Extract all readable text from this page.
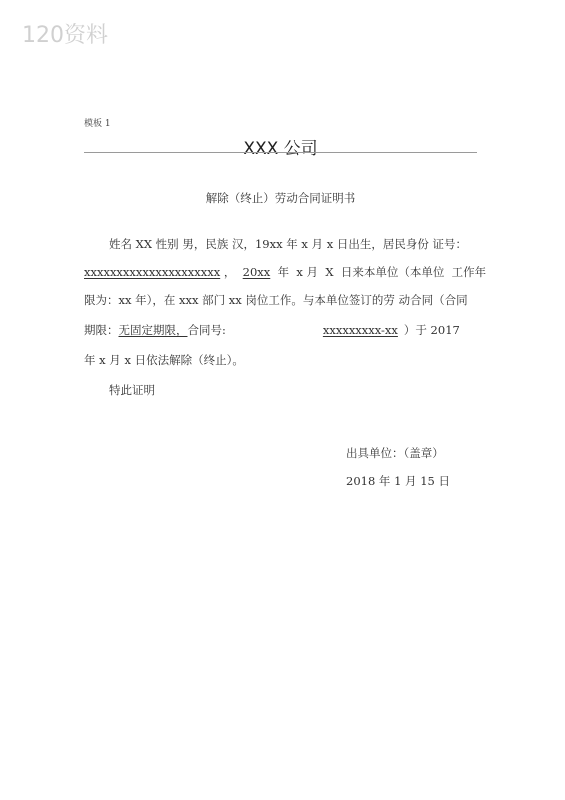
120资料
模板 1
XXX 公司
解除（终止）劳动合同证明书
姓名 XX 性别 男，民族 汉，19xx 年 x 月 x 日出生，居民身份 证号：
xxxxxxxxxxxxxxxxxxxxx ，  20xx  年  x 月  X  日来本单位（本单位  工作年
限为：xx 年），在 xxx 部门 xx 岗位工作。与本单位签订的劳 动合同（合同
期限：无固定期限，合同号:	xxxxxxxxx-xx ）于 2017
年 x 月 x 日依法解除（终止）。
特此证明
出具单位：（盖章）
2018 年 1 月 15 日
